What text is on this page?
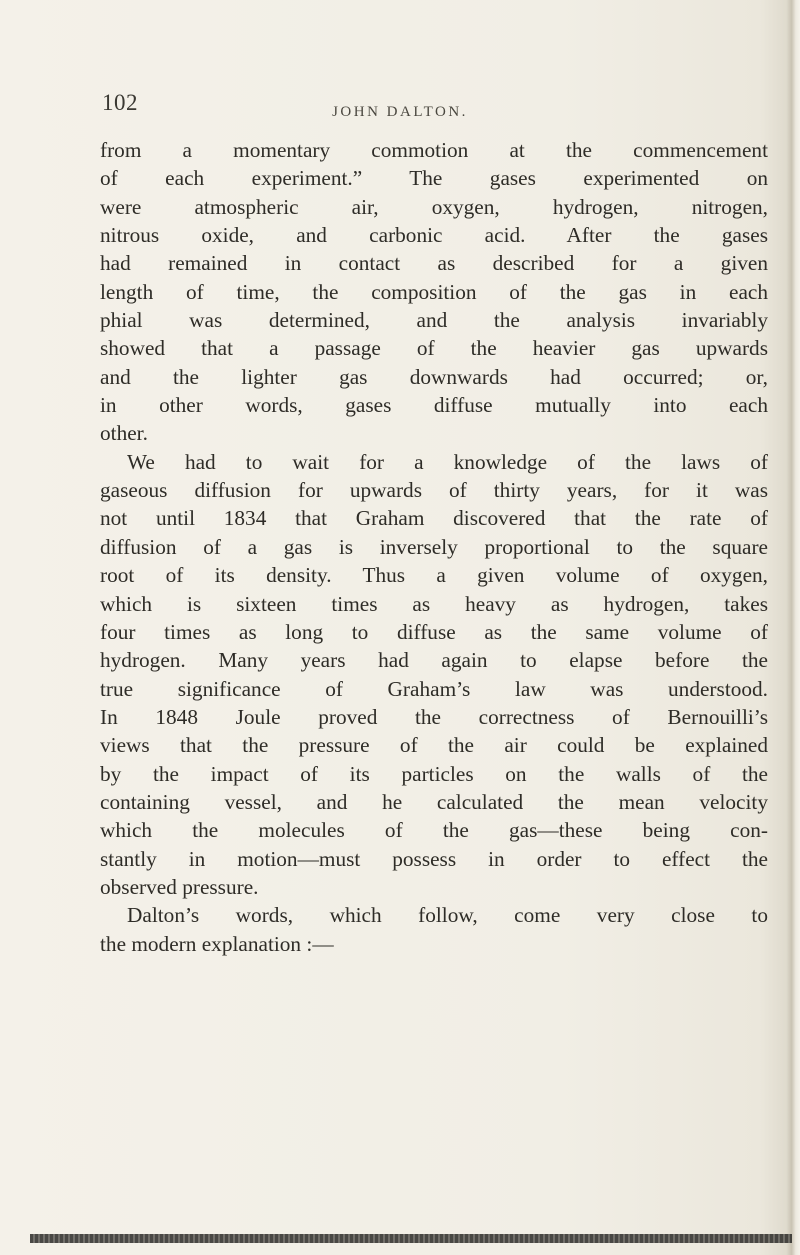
102	JOHN DALTON.
from a momentary commotion at the commencement
of each experiment.” The gases experimented on
were atmospheric air, oxygen, hydrogen, nitrogen,
nitrous oxide, and carbonic acid. After the gases
had remained in contact as described for a given
length of time, the composition of the gas in each
phial was determined, and the analysis invariably
showed that a passage of the heavier gas upwards
and the lighter gas downwards had occurred; or,
in other words, gases diffuse mutually into each
other.
We had to wait for a knowledge of the laws of
gaseous diffusion for upwards of thirty years, for it was
not until 1834 that Graham discovered that the rate of
diffusion of a gas is inversely proportional to the square
root of its density. Thus a given volume of oxygen,
which is sixteen times as heavy as hydrogen, takes
four times as long to diffuse as the same volume of
hydrogen. Many years had again to elapse before the
true significance of Graham’s law was understood.
In 1848 Joule proved the correctness of Bernouilli’s
views that the pressure of the air could be explained
by the impact of its particles on the walls of the
containing vessel, and he calculated the mean velocity
which the molecules of the gas—these being con-
stantly in motion—must possess in order to effect the
observed pressure.
Dalton’s words, which follow, come very close to
the modern explanation :—
